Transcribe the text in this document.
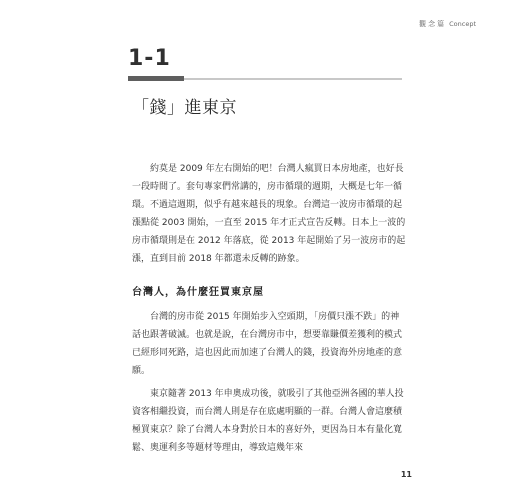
觀念篇 Concept
1-1
「錢」進東京

約莫是 2009 年左右開始的吧！台灣人瘋買日本房地產，也好長一段時間了。套句專家們常講的，房市循環的週期，大概是七年一循環。不過這週期，似乎有越來越長的現象。台灣這一波房市循環的起漲點從 2003 開始，一直至 2015 年才正式宣告反轉。日本上一波的房市循環則是在 2012 年落底，從 2013 年起開始了另一波房市的起漲，直到目前 2018 年都還未反轉的跡象。

台灣人，為什麼狂買東京屋

台灣的房市從 2015 年開始步入空頭期，「房價只漲不跌」的神話也跟著破滅。也就是說，在台灣房市中，想要靠賺價差獲利的模式已經形同死路，這也因此而加速了台灣人的錢，投資海外房地產的意願。

東京隨著 2013 年申奧成功後，就吸引了其他亞洲各國的華人投資客相繼投資，而台灣人則是存在底處明顯的一群。台灣人會這麼積極買東京？除了台灣人本身對於日本的喜好外，更因為日本有量化寬鬆、奧運利多等題材等理由，導致這幾年來

11
